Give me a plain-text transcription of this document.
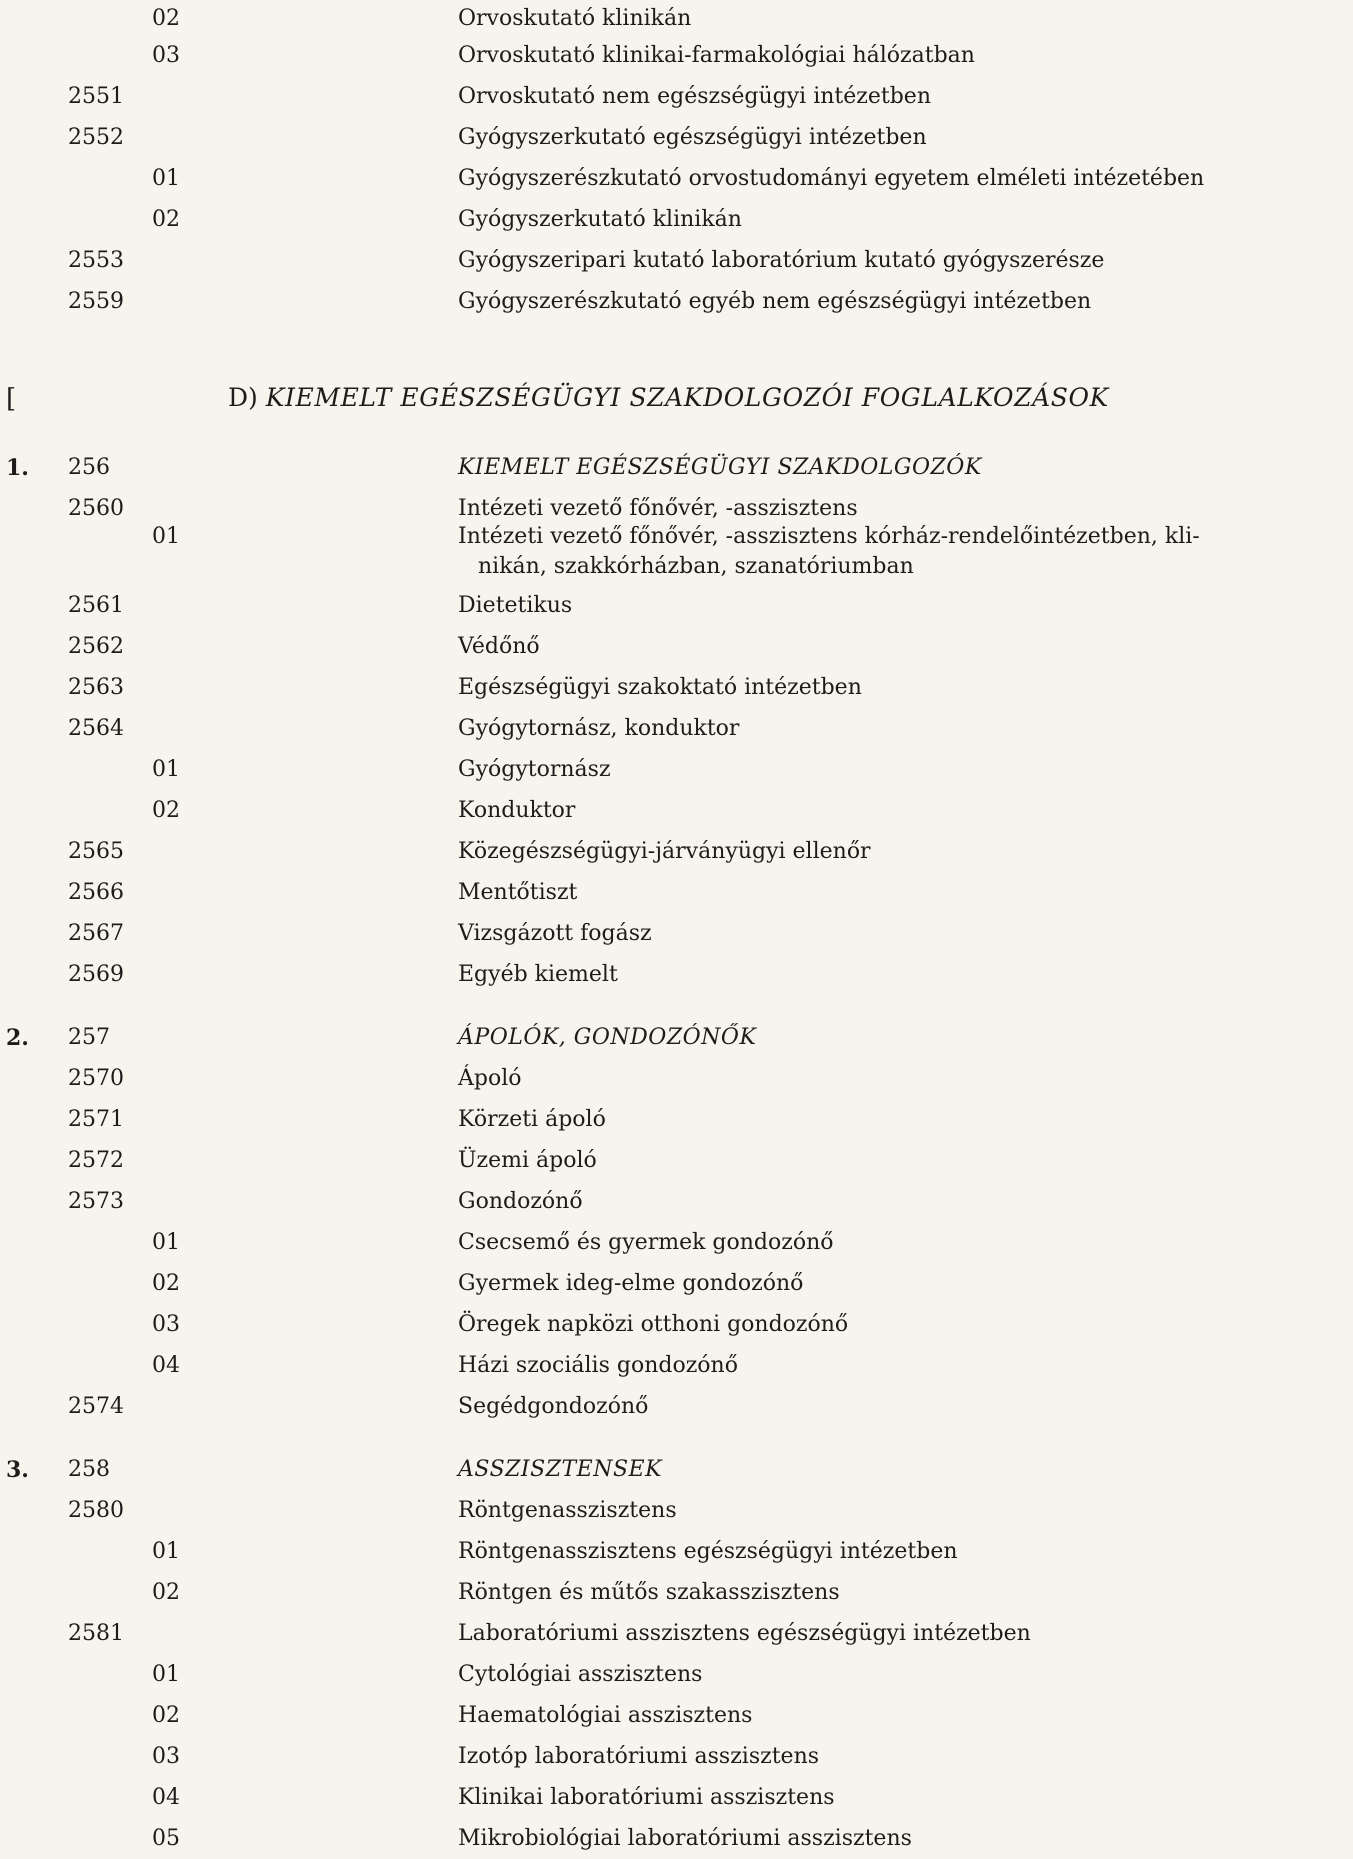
02	Orvoskutató klinikán
03	Orvoskutató klinikai-farmakológiai hálózatban
2551	Orvoskutató nem egészségügyi intézetben
2552	Gyógyszerkutató egészségügyi intézetben
01	Gyógyszerészkutató orvostudományi egyetem elméleti intézetében
02	Gyógyszerkutató klinikán
2553	Gyógyszeripari kutató laboratórium kutató gyógyszerésze
2559	Gyógyszerészkutató egyéb nem egészségügyi intézetben
[	D) KIEMELT EGÉSZSÉGÜGYI SZAKDOLGOZÓI FOGLALKOZÁSOK
1. 256	KIEMELT EGÉSZSÉGÜGYI SZAKDOLGOZÓK
2560	Intézeti vezető főnővér, -asszisztens
01	Intézeti vezető főnővér, -asszisztens kórház-rendelőintézetben, kli-
nikán, szakkórházban, szanatóriumban
2561	Dietetikus
2562	Védőnő
2563	Egészségügyi szakoktató intézetben
2564	Gyógytornász, konduktor
01	Gyógytornász
02	Konduktor
2565	Közegészségügyi-járványügyi ellenőr
2566	Mentőtiszt
2567	Vizsgázott fogász
2569	Egyéb kiemelt
2. 257	ÁPOLÓK, GONDOZÓNŐK
2570	Ápoló
2571	Körzeti ápoló
2572	Üzemi ápoló
2573	Gondozónő
01	Csecsemő és gyermek gondozónő
02	Gyermek ideg-elme gondozónő
03	Öregek napközi otthoni gondozónő
04	Házi szociális gondozónő
2574	Segédgondozónő
3. 258	ASSZISZTENSEK
2580	Röntgenasszisztens
01	Röntgenasszisztens egészségügyi intézetben
02	Röntgen és műtős szakasszisztens
2581	Laboratóriumi asszisztens egészségügyi intézetben
01	Cytológiai asszisztens
02	Haematológiai asszisztens
03	Izotóp laboratóriumi asszisztens
04	Klinikai laboratóriumi asszisztens
05	Mikrobiológiai laboratóriumi asszisztens
